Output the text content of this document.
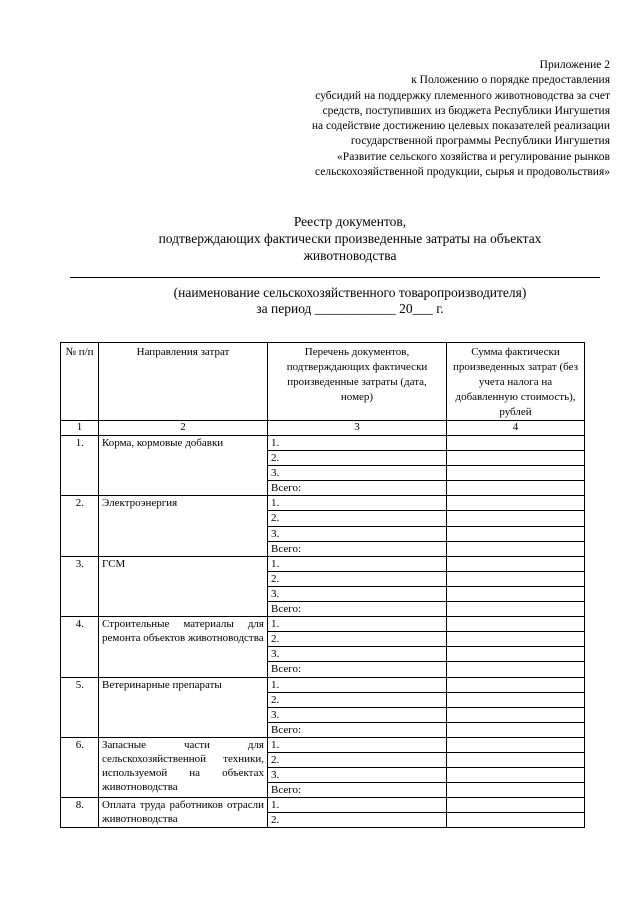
Приложение 2
к Положению о порядке предоставления
субсидий на поддержку племенного животноводства за счет
средств, поступивших из бюджета Республики Ингушетия
на содействие достижению целевых показателей реализации
государственной программы Республики Ингушетия
«Развитие сельского хозяйства и регулирование рынков
сельскохозяйственной продукции, сырья и продовольствия»
Реестр документов,
подтверждающих фактически произведенные затраты на объектах
животноводства
(наименование сельскохозяйственного товаропроизводителя)
за период ____________ 20___ г.
№ п/п	Направления затрат	Перечень документов, подтверждающих фактически произведенные затраты (дата, номер)	Сумма фактически произведенных затрат (без учета налога на добавленную стоимость), рублей
1	2	3	4
1.	Корма, кормовые добавки	1.	
		2.	
		3.	
		Всего:	
2.	Электроэнергия	1.	
		2.	
		3.	
		Всего:	
3.	ГСМ	1.	
		2.	
		3.	
		Всего:	
4.	Строительные материалы для ремонта объектов животноводства	1.	
		2.	
		3.	
		Всего:	
5.	Ветеринарные препараты	1.	
		2.	
		3.	
		Всего:	
6.	Запасные части для сельскохозяйственной техники, используемой на объектах животноводства	1.	
		2.	
		3.	
		Всего:	
8.	Оплата труда работников отрасли животноводства	1.	
		2.	
